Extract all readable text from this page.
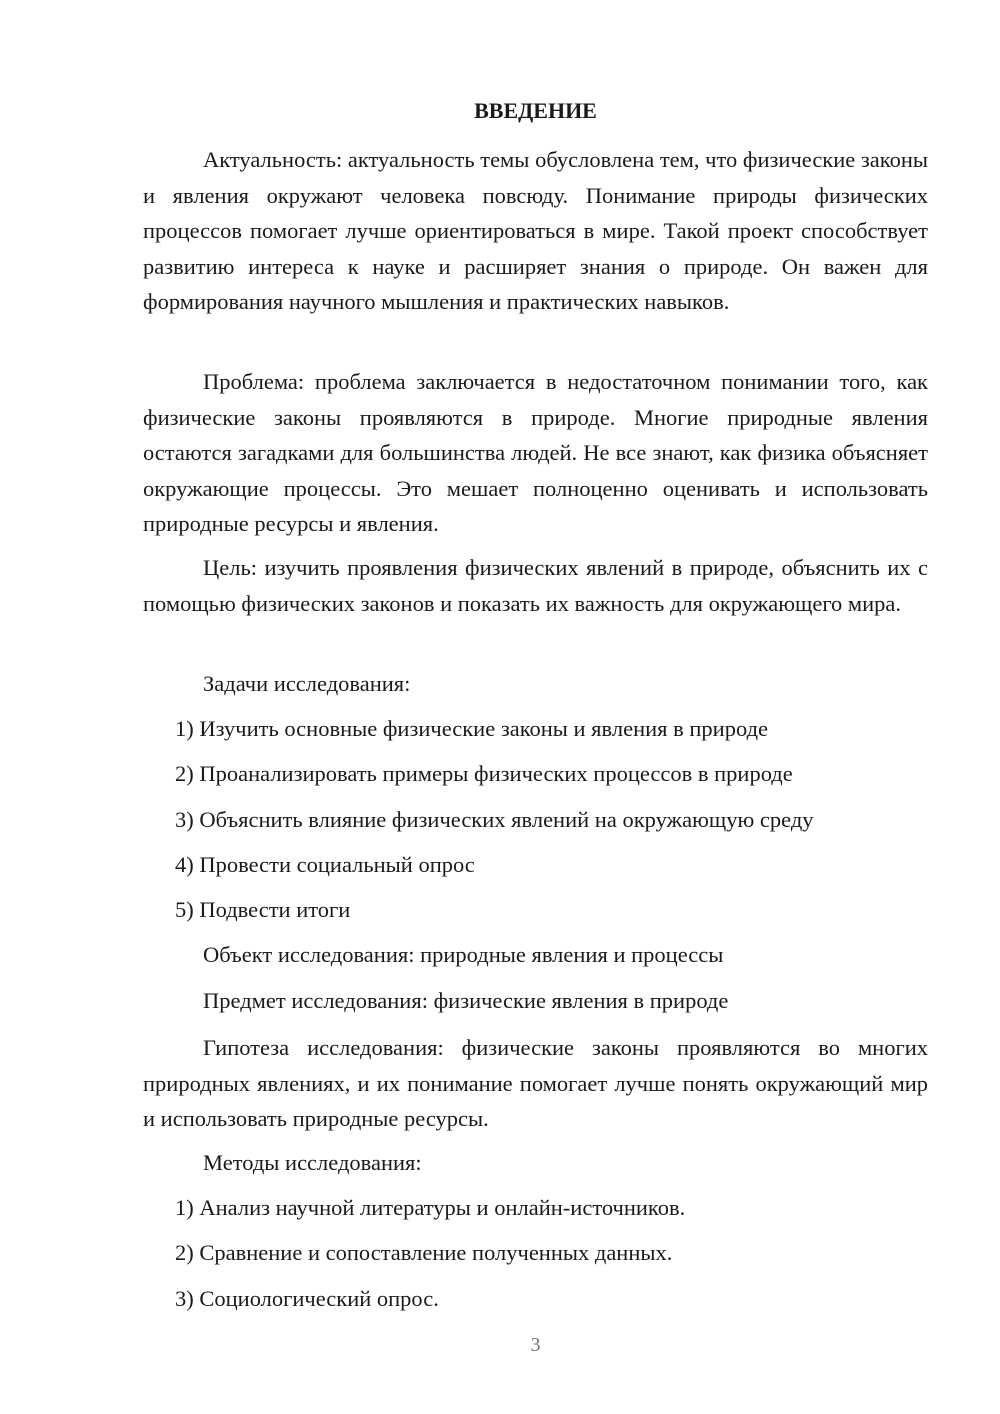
ВВЕДЕНИЕ

Актуальность: актуальность темы обусловлена тем, что физические законы и явления окружают человека повсюду. Понимание природы физических процессов помогает лучше ориентироваться в мире. Такой проект способствует развитию интереса к науке и расширяет знания о природе. Он важен для формирования научного мышления и практических навыков.

Проблема: проблема заключается в недостаточном понимании того, как физические законы проявляются в природе. Многие природные явления остаются загадками для большинства людей. Не все знают, как физика объясняет окружающие процессы. Это мешает полноценно оценивать и использовать природные ресурсы и явления.

Цель: изучить проявления физических явлений в природе, объяснить их с помощью физических законов и показать их важность для окружающего мира.

Задачи исследования:
1) Изучить основные физические законы и явления в природе
2) Проанализировать примеры физических процессов в природе
3) Объяснить влияние физических явлений на окружающую среду
4) Провести социальный опрос
5) Подвести итоги
Объект исследования: природные явления и процессы
Предмет исследования: физические явления в природе

Гипотеза исследования: физические законы проявляются во многих природных явлениях, и их понимание помогает лучше понять окружающий мир и использовать природные ресурсы.

Методы исследования:
1) Анализ научной литературы и онлайн-источников.
2) Сравнение и сопоставление полученных данных.
3) Социологический опрос.
3
